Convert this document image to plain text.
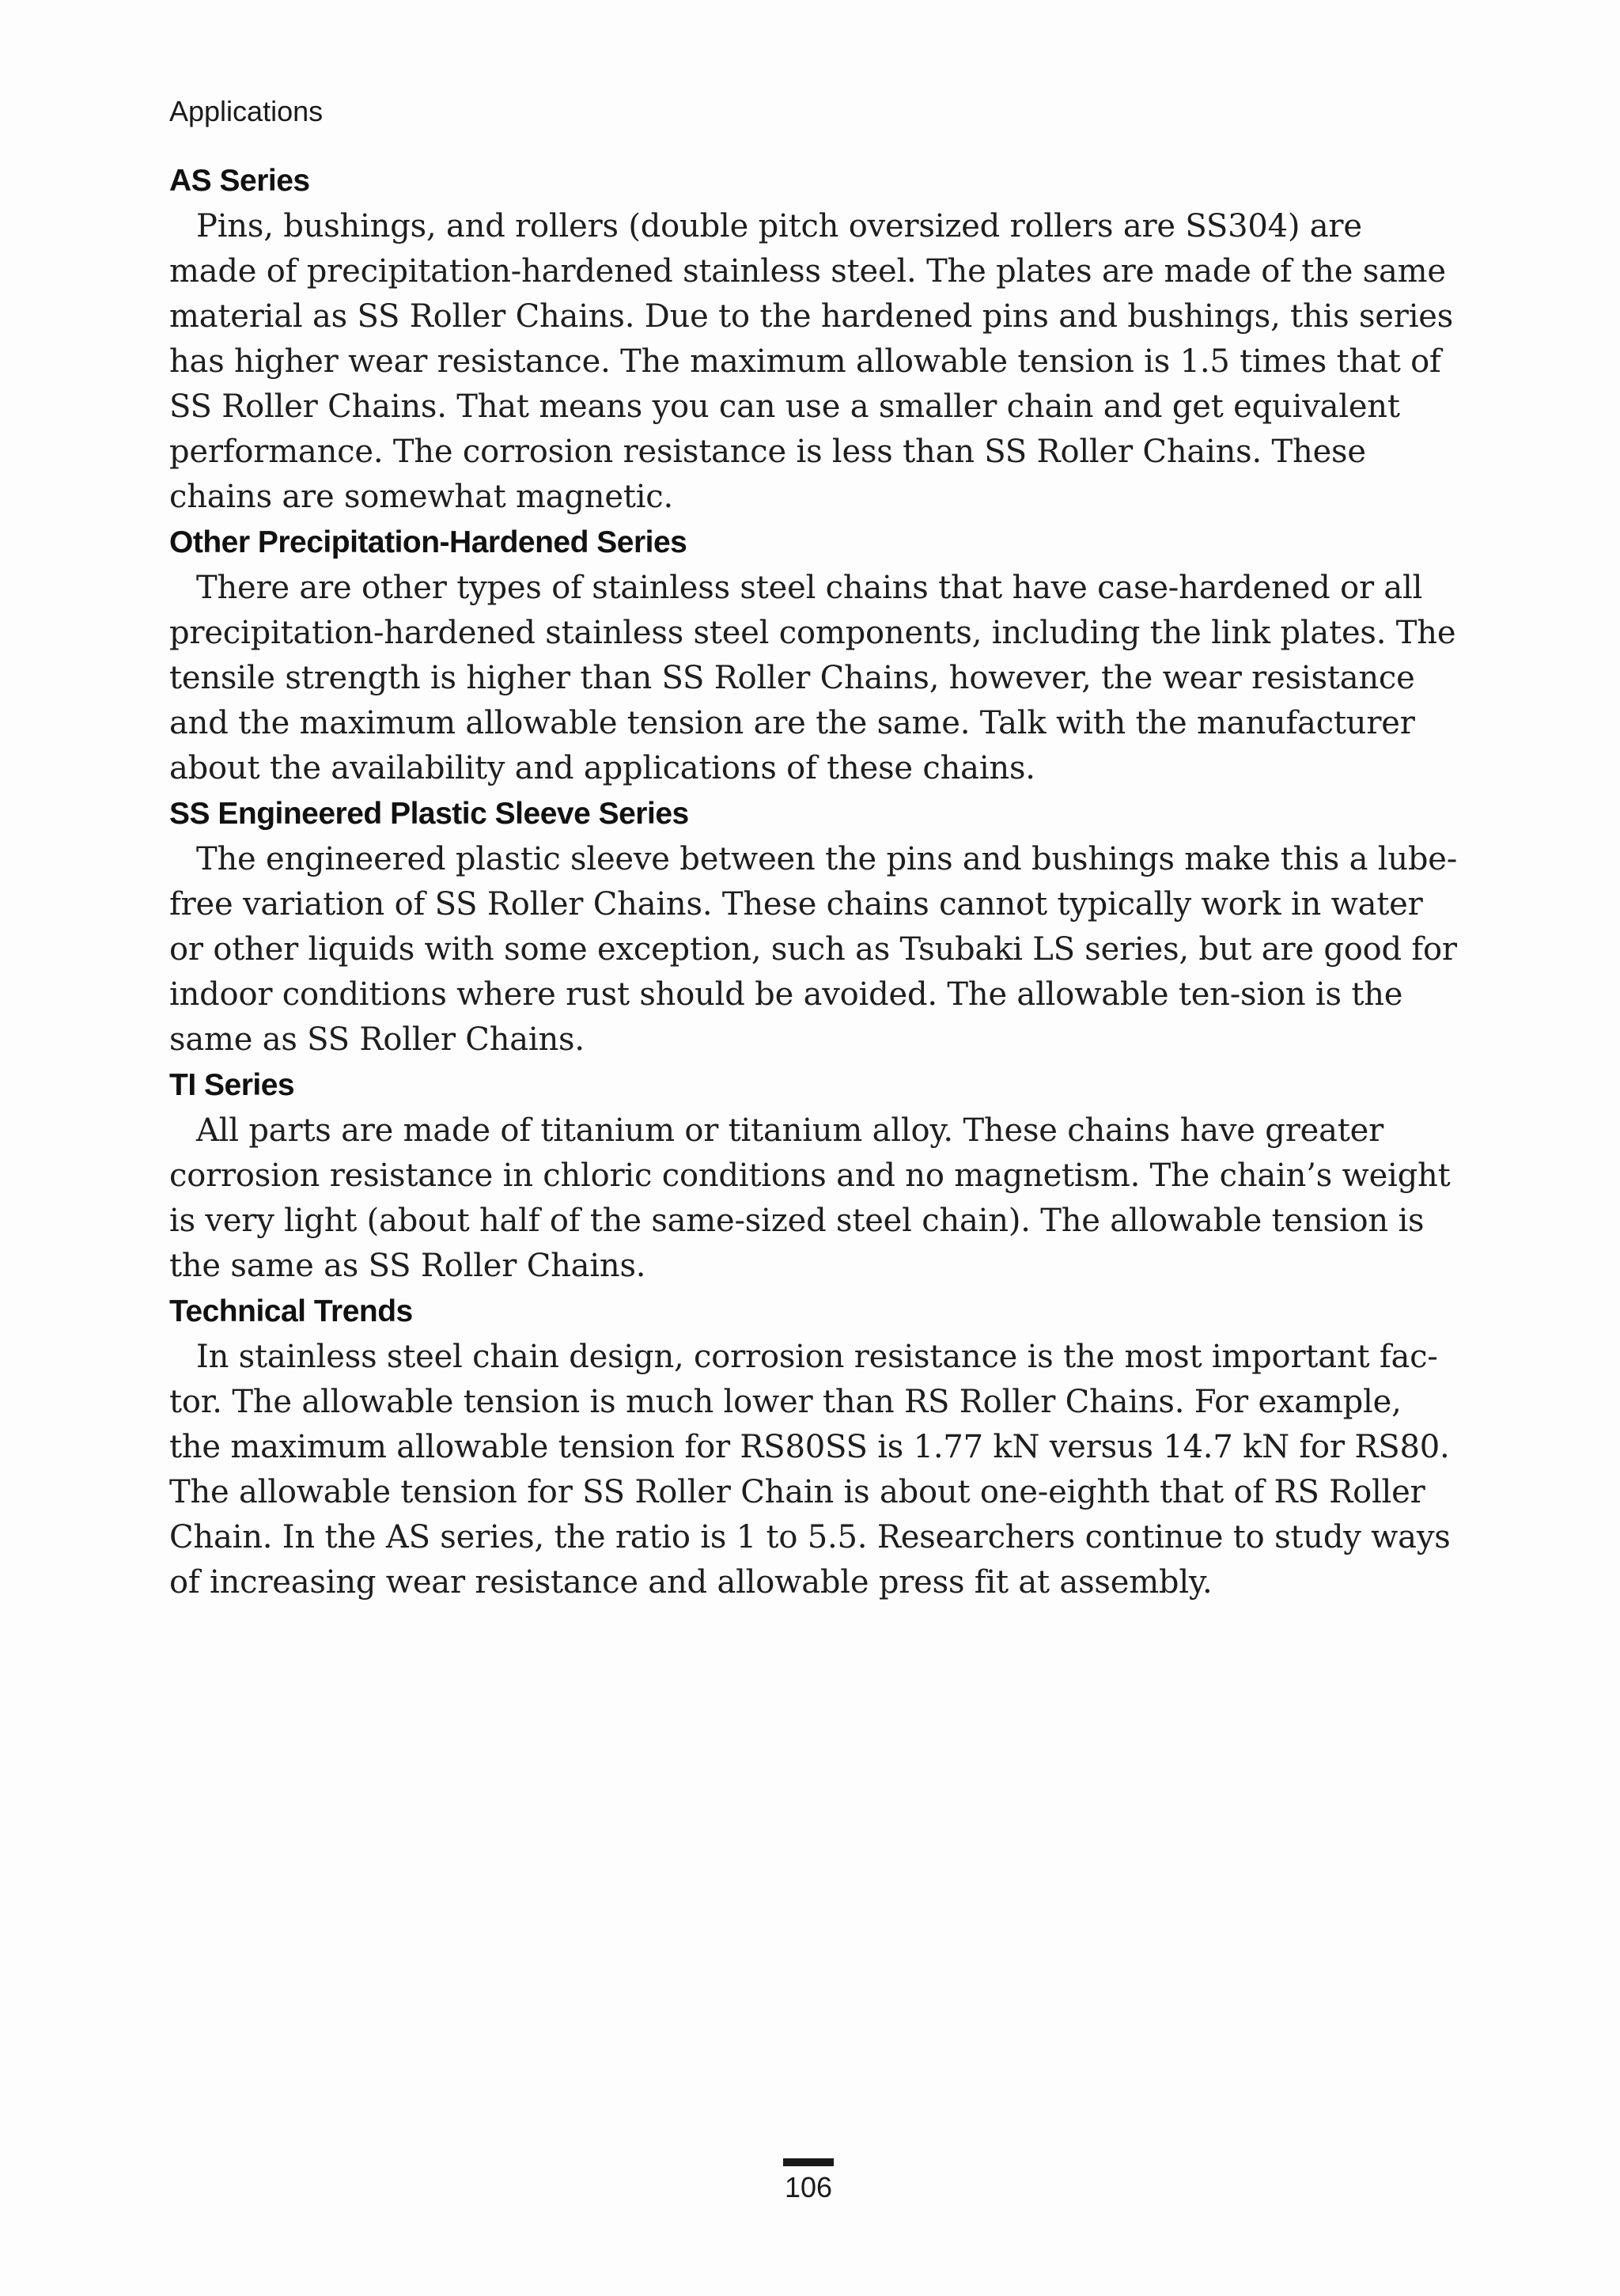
Applications

AS Series

Pins, bushings, and rollers (double pitch oversized rollers are SS304) are made of precipitation-hardened stainless steel. The plates are made of the same material as SS Roller Chains. Due to the hardened pins and bushings, this series has higher wear resistance. The maximum allowable tension is 1.5 times that of SS Roller Chains. That means you can use a smaller chain and get equivalent performance. The corrosion resistance is less than SS Roller Chains. These chains are somewhat magnetic.

Other Precipitation-Hardened Series

There are other types of stainless steel chains that have case-hardened or all precipitation-hardened stainless steel components, including the link plates. The tensile strength is higher than SS Roller Chains, however, the wear resistance and the maximum allowable tension are the same. Talk with the manufacturer about the availability and applications of these chains.

SS Engineered Plastic Sleeve Series

The engineered plastic sleeve between the pins and bushings make this a lube-free variation of SS Roller Chains. These chains cannot typically work in water or other liquids with some exception, such as Tsubaki LS series, but are good for indoor conditions where rust should be avoided. The allowable ten-sion is the same as SS Roller Chains.

TI Series

All parts are made of titanium or titanium alloy. These chains have greater corrosion resistance in chloric conditions and no magnetism. The chain’s weight is very light (about half of the same-sized steel chain). The allowable tension is the same as SS Roller Chains.

Technical Trends

In stainless steel chain design, corrosion resistance is the most important fac-tor. The allowable tension is much lower than RS Roller Chains. For example, the maximum allowable tension for RS80SS is 1.77 kN versus 14.7 kN for RS80. The allowable tension for SS Roller Chain is about one-eighth that of RS Roller Chain. In the AS series, the ratio is 1 to 5.5. Researchers continue to study ways of increasing wear resistance and allowable press fit at assembly.

106
